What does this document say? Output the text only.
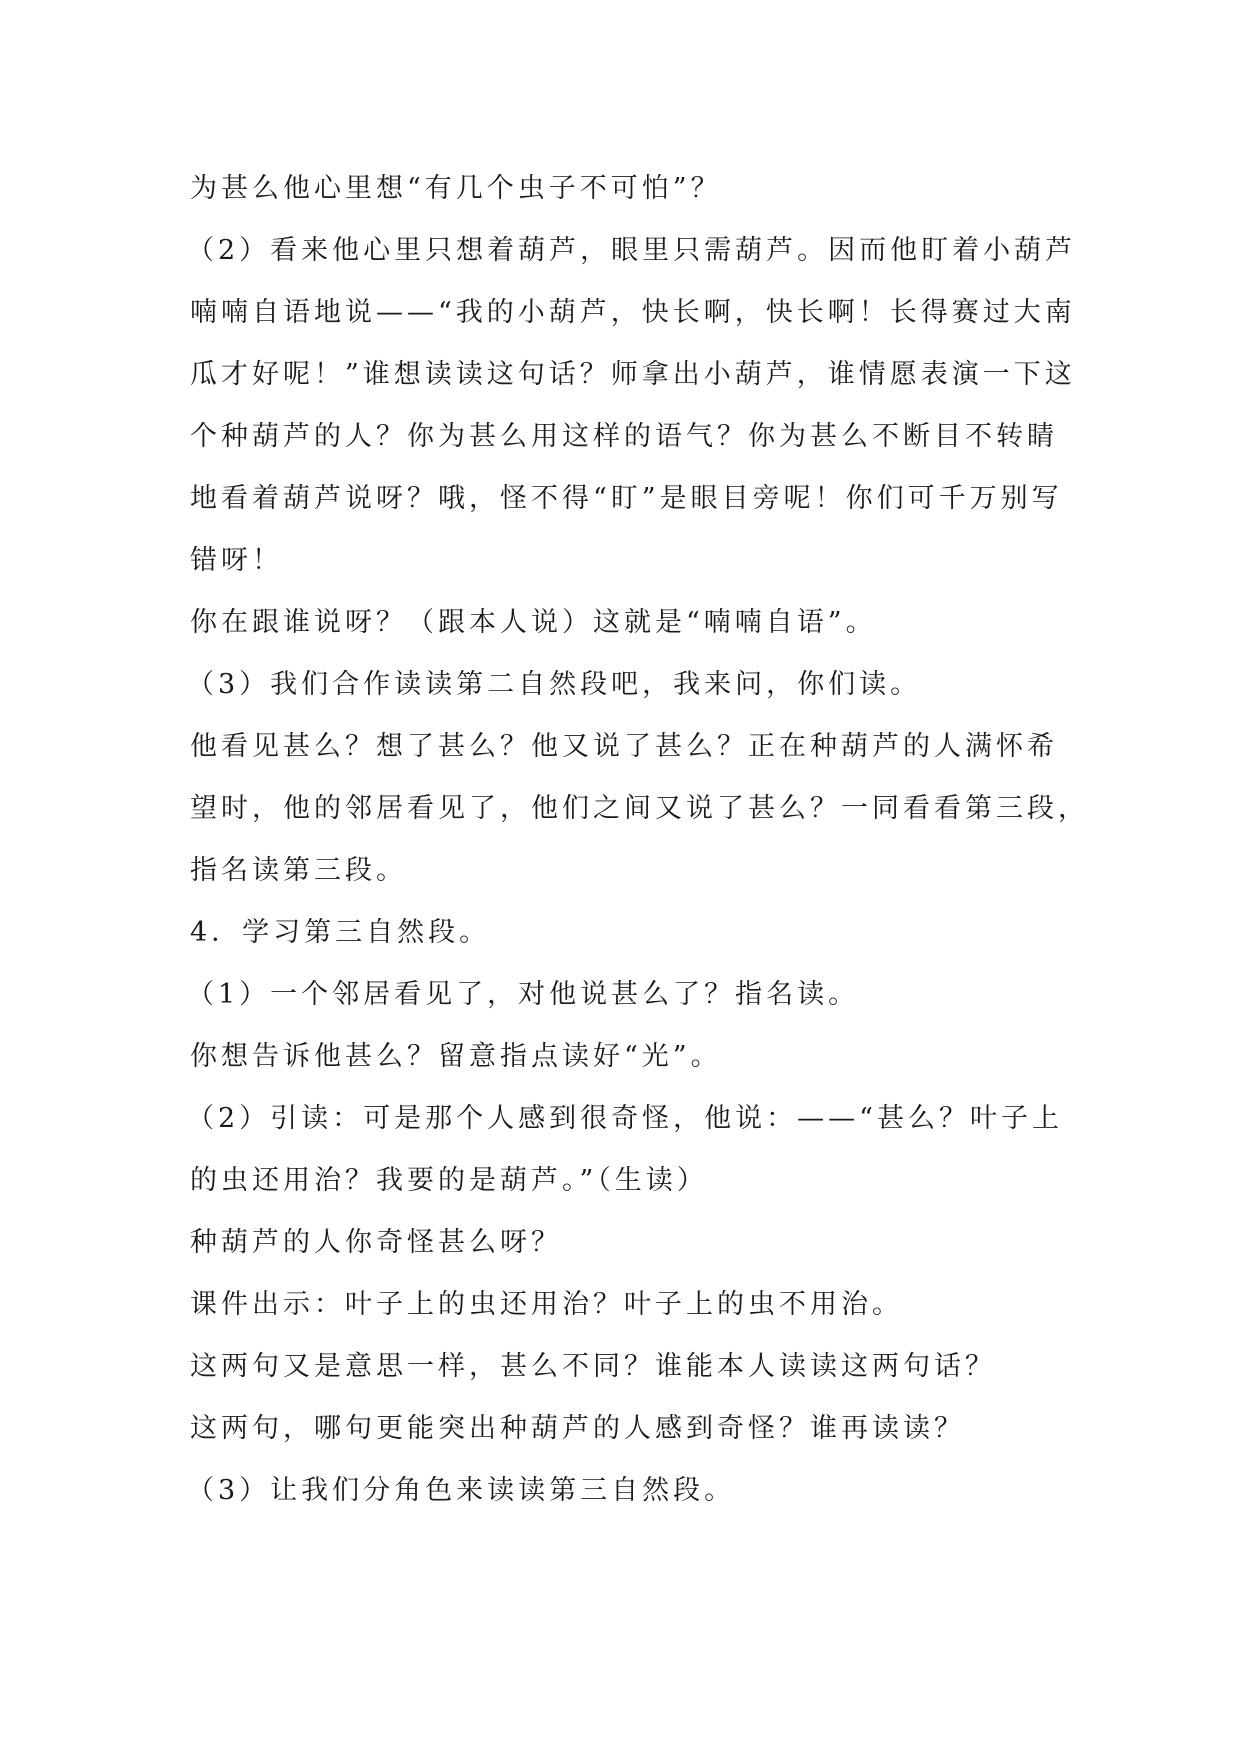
为甚么他心里想“有几个虫子不可怕”？
（2）看来他心里只想着葫芦，眼里只需葫芦。因而他盯着小葫芦
喃喃自语地说——“我的小葫芦，快长啊，快长啊！长得赛过大南
瓜才好呢！”谁想读读这句话？师拿出小葫芦，谁情愿表演一下这
个种葫芦的人？你为甚么用这样的语气？你为甚么不断目不转睛
地看着葫芦说呀？哦，怪不得“盯”是眼目旁呢！你们可千万别写
错呀！
你在跟谁说呀？（跟本人说）这就是“喃喃自语”。
（3）我们合作读读第二自然段吧，我来问，你们读。
他看见甚么？想了甚么？他又说了甚么？正在种葫芦的人满怀希
望时，他的邻居看见了，他们之间又说了甚么？一同看看第三段，
指名读第三段。
4．学习第三自然段。
（1）一个邻居看见了，对他说甚么了？指名读。
你想告诉他甚么？留意指点读好“光”。
（2）引读：可是那个人感到很奇怪，他说：——“甚么？叶子上
的虫还用治？我要的是葫芦。”（生读）
种葫芦的人你奇怪甚么呀？
课件出示：叶子上的虫还用治？叶子上的虫不用治。
这两句又是意思一样，甚么不同？谁能本人读读这两句话？
这两句，哪句更能突出种葫芦的人感到奇怪？谁再读读？
（3）让我们分角色来读读第三自然段。
